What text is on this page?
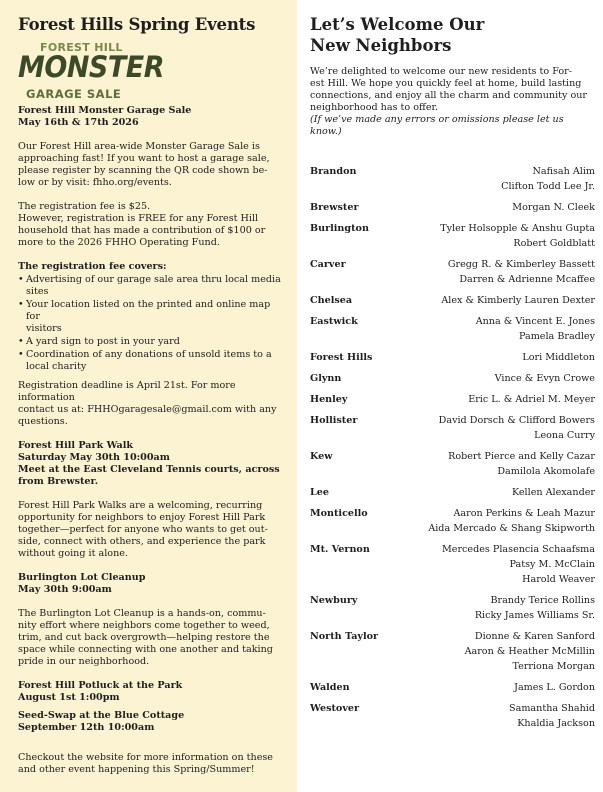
Forest Hills Spring Events
FOREST HILL
MONSTER
GARAGE SALE

Forest Hill Monster Garage Sale

May 16th & 17th 2026

Our Forest Hill area-wide Monster Garage Sale is

approaching fast! If you want to host a garage sale,

please register by scanning the QR code shown be-

low or by visit: fhho.org/events.

The registration fee is $25.

However, registration is FREE for any Forest Hill

household that has made a contribution of $100 or

more to the 2026 FHHO Operating Fund.

The registration fee covers:

• Advertising of our garage sale area thru local media
sites
• Your location listed on the printed and online map for
visitors
• A yard sign to post in your yard
• Coordination of any donations of unsold items to a
local charity

Registration deadline is April 21st. For more information

contact us at: FHHOgaragesale@gmail.com with any

questions.

Forest Hill Park Walk

Saturday May 30th 10:00am

Meet at the East Cleveland Tennis courts, across

from Brewster.

Forest Hill Park Walks are a welcoming, recurring

opportunity for neighbors to enjoy Forest Hill Park

together—perfect for anyone who wants to get out-

side, connect with others, and experience the park

without going it alone.

Burlington Lot Cleanup

May 30th 9:00am

The Burlington Lot Cleanup is a hands-on, commu-

nity effort where neighbors come together to weed,

trim, and cut back overgrowth—helping restore the

space while connecting with one another and taking

pride in our neighborhood.

Forest Hill Potluck at the Park

August 1st 1:00pm

Seed-Swap at the Blue Cottage

September 12th 10:00am

Checkout the website for more information on these

and other event happening this Spring/Summer!

Let’s Welcome Our
New Neighbors

We’re delighted to welcome our new residents to For-

est Hill. We hope you quickly feel at home, build lasting

connections, and enjoy all the charm and community our

neighborhood has to offer.

(If we’ve made any errors or omissions please let us know.)

Brandon	Nafisah Alim
Clifton Todd Lee Jr.
Brewster	Morgan N. Cleek
Burlington	Tyler Holsopple & Anshu Gupta
Robert Goldblatt
Carver	Gregg R. & Kimberley Bassett
Darren & Adrienne Mcaffee
Chelsea	Alex & Kimberly Lauren Dexter
Eastwick	Anna & Vincent E. Jones
Pamela Bradley
Forest Hills	Lori Middleton
Glynn	Vince & Evyn Crowe
Henley	Eric L. & Adriel M. Meyer
Hollister	David Dorsch & Clifford Bowers
Leona Curry
Kew	Robert Pierce and Kelly Cazar
Damilola Akomolafe
Lee	Kellen Alexander
Monticello	Aaron Perkins & Leah Mazur
Aida Mercado & Shang Skipworth
Mt. Vernon	Mercedes Plasencia Schaafsma
Patsy M. McClain
Harold Weaver
Newbury	Brandy Terice Rollins
Ricky James Williams Sr.
North Taylor	Dionne & Karen Sanford
Aaron & Heather McMillin
Terriona Morgan
Walden	James L. Gordon
Westover	Samantha Shahid
Khaldia Jackson
